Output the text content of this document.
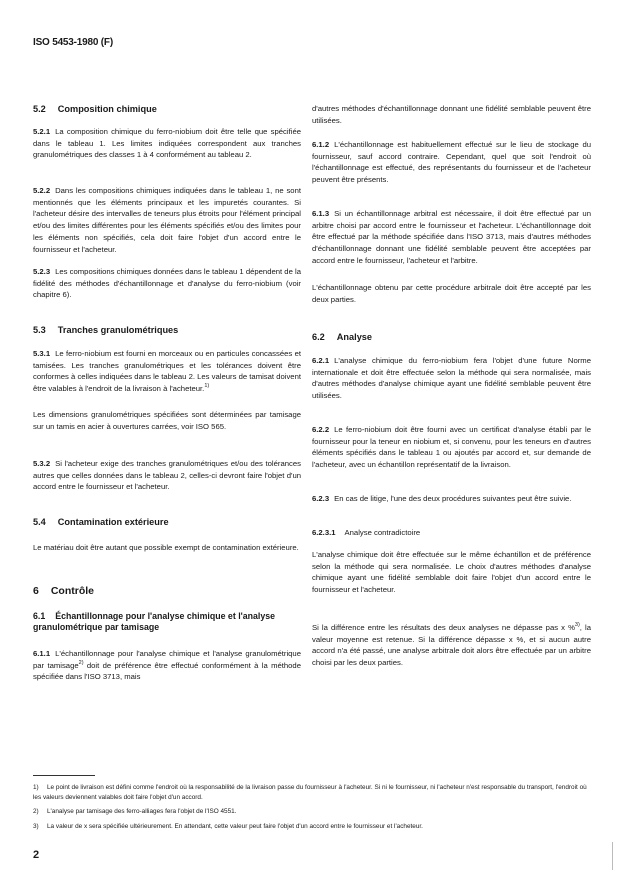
ISO 5453-1980 (F)
5.2 Composition chimique
5.2.1 La composition chimique du ferro-niobium doit être telle que spécifiée dans le tableau 1. Les limites indiquées correspondent aux tranches granulométriques des classes 1 à 4 conformément au tableau 2.
5.2.2 Dans les compositions chimiques indiquées dans le tableau 1, ne sont mentionnés que les éléments principaux et les impuretés courantes. Si l'acheteur désire des intervalles de teneurs plus étroits pour l'élément principal et/ou des limites différentes pour les éléments spécifiés et/ou des limites pour les éléments non spécifiés, cela doit faire l'objet d'un accord entre le fournisseur et l'acheteur.
5.2.3 Les compositions chimiques données dans le tableau 1 dépendent de la fidélité des méthodes d'échantillonnage et d'analyse du ferro-niobium (voir chapitre 6).
5.3 Tranches granulométriques
5.3.1 Le ferro-niobium est fourni en morceaux ou en particules concassées et tamisées. Les tranches granulométriques et les tolérances doivent être conformes à celles indiquées dans le tableau 2. Les valeurs de tamisat doivent être valables à l'endroit de la livraison à l'acheteur.$^{1)}$
Les dimensions granulométriques spécifiées sont déterminées par tamisage sur un tamis en acier à ouvertures carrées, voir ISO 565.
5.3.2 Si l'acheteur exige des tranches granulométriques et/ou des tolérances autres que celles données dans le tableau 2, celles-ci devront faire l'objet d'un accord entre le fournisseur et l'acheteur.
5.4 Contamination extérieure
Le matériau doit être autant que possible exempt de contamination extérieure.
6 Contrôle
6.1 Échantillonnage pour l'analyse chimique et l'analyse granulométrique par tamisage
6.1.1 L'échantillonnage pour l'analyse chimique et l'analyse granulométrique par tamisage$^{2)}$ doit de préférence être effectué conformément à la méthode spécifiée dans l'ISO 3713, mais
d'autres méthodes d'échantillonnage donnant une fidélité semblable peuvent être utilisées.
6.1.2 L'échantillonnage est habituellement effectué sur le lieu de stockage du fournisseur, sauf accord contraire. Cependant, quel que soit l'endroit où l'échantillonnage est effectué, des représentants du fournisseur et de l'acheteur peuvent être présents.
6.1.3 Si un échantillonnage arbitral est nécessaire, il doit être effectué par un arbitre choisi par accord entre le fournisseur et l'acheteur. L'échantillonnage doit être effectué par la méthode spécifiée dans l'ISO 3713, mais d'autres méthodes d'échantillonnage donnant une fidélité semblable peuvent être acceptées par accord entre le fournisseur, l'acheteur et l'arbitre.
L'échantillonnage obtenu par cette procédure arbitrale doit être accepté par les deux parties.
6.2 Analyse
6.2.1 L'analyse chimique du ferro-niobium fera l'objet d'une future Norme internationale et doit être effectuée selon la méthode qui sera normalisée, mais d'autres méthodes d'analyse chimique ayant une fidélité semblable peuvent être utilisées.
6.2.2 Le ferro-niobium doit être fourni avec un certificat d'analyse établi par le fournisseur pour la teneur en niobium et, si convenu, pour les teneurs en d'autres éléments spécifiés dans le tableau 1 ou ajoutés par accord et, sur demande de l'acheteur, avec un échantillon représentatif de la livraison.
6.2.3 En cas de litige, l'une des deux procédures suivantes peut être suivie.
6.2.3.1 Analyse contradictoire
L'analyse chimique doit être effectuée sur le même échantillon et de préférence selon la méthode qui sera normalisée. Le choix d'autres méthodes d'analyse chimique ayant une fidélité semblable doit faire l'objet d'un accord entre le fournisseur et l'acheteur.
Si la différence entre les résultats des deux analyses ne dépasse pas x %$^{3)}$, la valeur moyenne est retenue. Si la différence dépasse x %, et si aucun autre accord n'a été passé, une analyse arbitrale doit alors être effectuée par un arbitre choisi par les deux parties.
1) Le point de livraison est défini comme l'endroit où la responsabilité de la livraison passe du fournisseur à l'acheteur. Si ni le fournisseur, ni l'acheteur n'est responsable du transport, l'endroit où les valeurs deviennent valables doit faire l'objet d'un accord.
2) L'analyse par tamisage des ferro-alliages fera l'objet de l'ISO 4551.
3) La valeur de x sera spécifiée ultérieurement. En attendant, cette valeur peut faire l'objet d'un accord entre le fournisseur et l'acheteur.
2
